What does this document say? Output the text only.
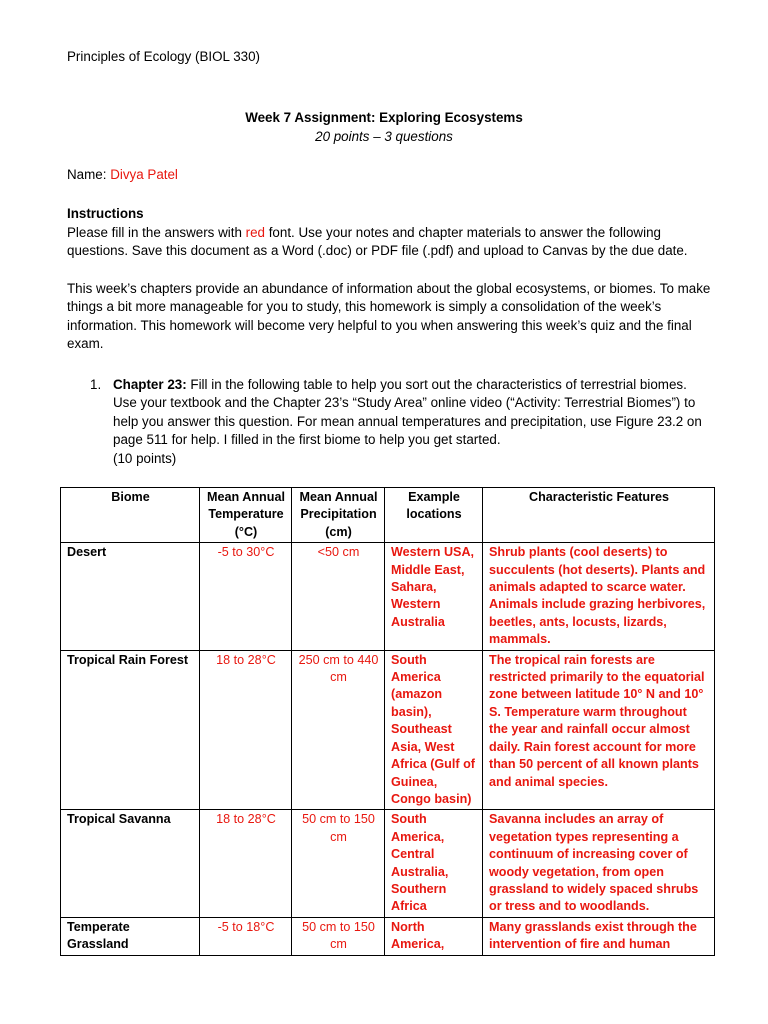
Principles of Ecology (BIOL 330)
Week 7 Assignment: Exploring Ecosystems
20 points – 3 questions
Name: Divya Patel
Instructions
Please fill in the answers with red font. Use your notes and chapter materials to answer the following questions. Save this document as a Word (.doc) or PDF file (.pdf) and upload to Canvas by the due date.
This week’s chapters provide an abundance of information about the global ecosystems, or biomes. To make things a bit more manageable for you to study, this homework is simply a consolidation of the week’s information. This homework will become very helpful to you when answering this week’s quiz and the final exam.
1. Chapter 23: Fill in the following table to help you sort out the characteristics of terrestrial biomes. Use your textbook and the Chapter 23’s “Study Area” online video (“Activity: Terrestrial Biomes”) to help you answer this question. For mean annual temperatures and precipitation, use Figure 23.2 on page 511 for help. I filled in the first biome to help you get started.
(10 points)
Biome	Mean Annual Temperature (°C)	Mean Annual Precipitation (cm)	Example locations	Characteristic Features
Desert	-5 to 30°C	<50 cm	Western USA, Middle East, Sahara, Western Australia	Shrub plants (cool deserts) to succulents (hot deserts). Plants and animals adapted to scarce water. Animals include grazing herbivores, beetles, ants, locusts, lizards, mammals.
Tropical Rain Forest	18 to 28°C	250 cm to 440 cm	South America (amazon basin), Southeast Asia, West Africa (Gulf of Guinea, Congo basin)	The tropical rain forests are restricted primarily to the equatorial zone between latitude 10° N and 10° S. Temperature warm throughout the year and rainfall occur almost daily. Rain forest account for more than 50 percent of all known plants and animal species.
Tropical Savanna	18 to 28°C	50 cm to 150 cm	South America, Central Australia, Southern Africa	Savanna includes an array of vegetation types representing a continuum of increasing cover of woody vegetation, from open grassland to widely spaced shrubs or tress and to woodlands.
Temperate Grassland	-5 to 18°C	50 cm to 150 cm	North America,	Many grasslands exist through the intervention of fire and human
